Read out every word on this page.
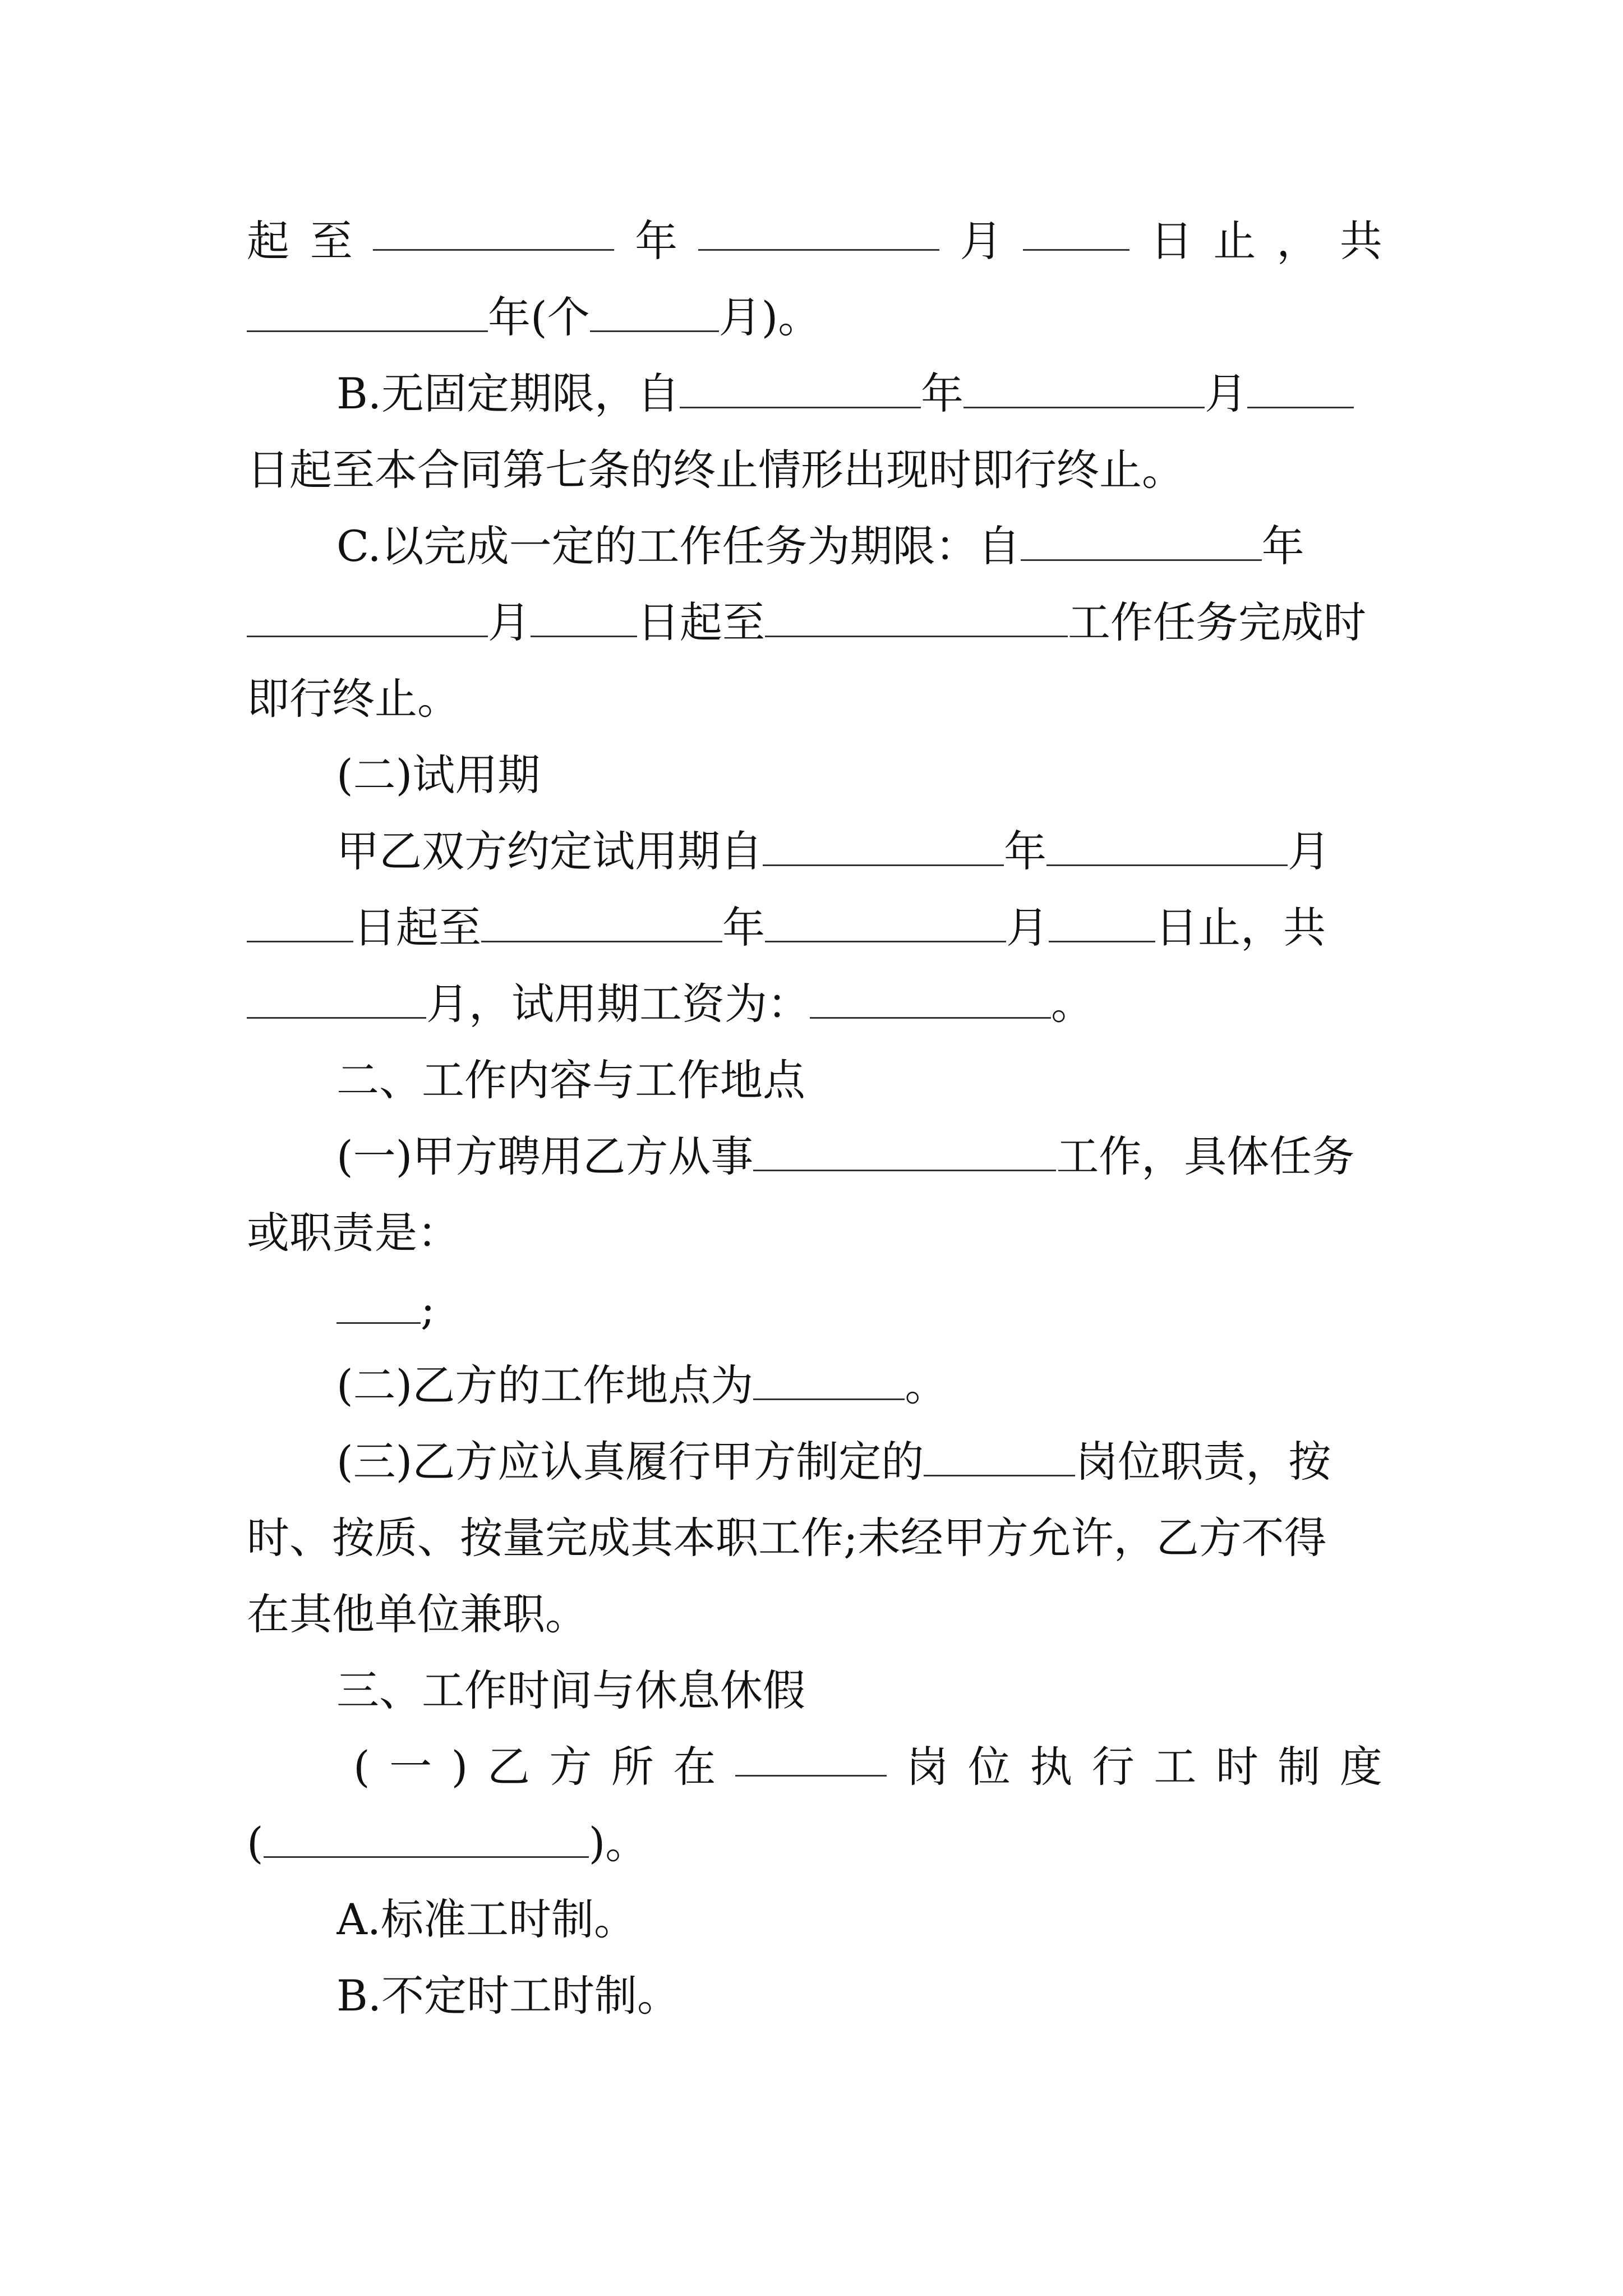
起 至	年	月	日 止 ， 共
年(个	月)。
B.无固定期限，自	年	月
日起至本合同第七条的终止情形出现时即行终止。
C.以完成一定的工作任务为期限：自	年
月	日起至	工作任务完成时
即行终止。
(二)试用期
甲乙双方约定试用期自	年	月
日起至	年	月	日止，共
月，试用期工资为：	。
二、工作内容与工作地点
(一)甲方聘用乙方从事	工作，具体任务
或职责是：
;
(二)乙方的工作地点为	。
(三)乙方应认真履行甲方制定的	岗位职责，按
时、按质、按量完成其本职工作;未经甲方允许，乙方不得
在其他单位兼职。
三、工作时间与休息休假
( 一 ) 乙 方 所 在	岗 位 执 行 工 时 制 度
(	)。
A.标准工时制。
B.不定时工时制。
